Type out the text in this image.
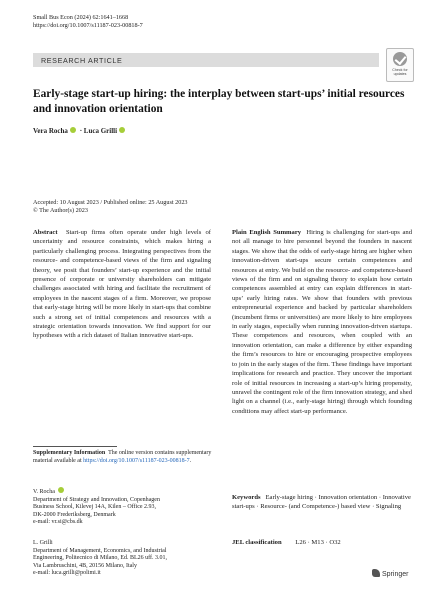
Small Bus Econ (2024) 62:1641–1668
https://doi.org/10.1007/s11187-023-00818-7
RESEARCH ARTICLE
Check for updates
Early-stage start-up hiring: the interplay between start-ups’ initial resources and innovation orientation
Vera Rocha · Luca Grilli
Accepted: 10 August 2023 / Published online: 25 August 2023
© The Author(s) 2023
Abstract Start-up firms often operate under high levels of uncertainty and resource constraints, which makes hiring a particularly challenging process. Integrating perspectives from the resource- and competence-based views of the firm and signaling theory, we posit that founders’ start-up experience and the initial presence of corporate or university shareholders can mitigate challenges associated with hiring and facilitate the recruitment of employees in the nascent stages of a firm. Moreover, we propose that early-stage hiring will be more likely in start-ups that combine such a strong set of initial competences and resources with a strategic orientation towards innovation. We find support for our hypotheses with a rich dataset of Italian innovative start-ups.
Plain English Summary Hiring is challenging for start-ups and not all manage to hire personnel beyond the founders in nascent stages. We show that the odds of early-stage hiring are higher when innovation-driven start-ups secure certain competences and resources at entry. We build on the resource- and competence-based views of the firm and on signaling theory to explain how certain competences assembled at entry can explain differences in start-ups’ early hiring rates. We show that founders with previous entrepreneurial experience and backed by particular shareholders (incumbent firms or universities) are more likely to hire employees in early stages, especially when running innovation-driven startups. These competences and resources, when coupled with an innovation orientation, can make a difference by either expanding the firm’s resources to hire or encouraging prospective employees to join in the early stages of the firm. These findings have important implications for research and practice. They uncover the important role of initial resources in increasing a start-up’s hiring propensity, unravel the contingent role of the firm innovation strategy, and shed light on a channel (i.e., early-stage hiring) through which founding conditions may affect start-up performance.
Supplementary Information The online version contains supplementary material available at https://doi.org/10.1007/s11187-023-00818-7.
V. Rocha
Department of Strategy and Innovation, Copenhagen
Business School, Kilevej 14A, Kilen – Office 2.93,
DK-2000 Frederiksberg, Denmark
e-mail: vr.si@cbs.dk
L. Grilli
Department of Management, Economics, and Industrial
Engineering, Politecnico di Milano, Ed. BL26 uff. 3.01,
Via Lambruschini, 4B, 20156 Milano, Italy
e-mail: luca.grilli@polimi.it
Keywords Early-stage hiring · Innovation orientation · Innovative start-ups · Resource- (and Competence-) based view · Signaling
JEL classification L26 · M13 · O32
Springer
